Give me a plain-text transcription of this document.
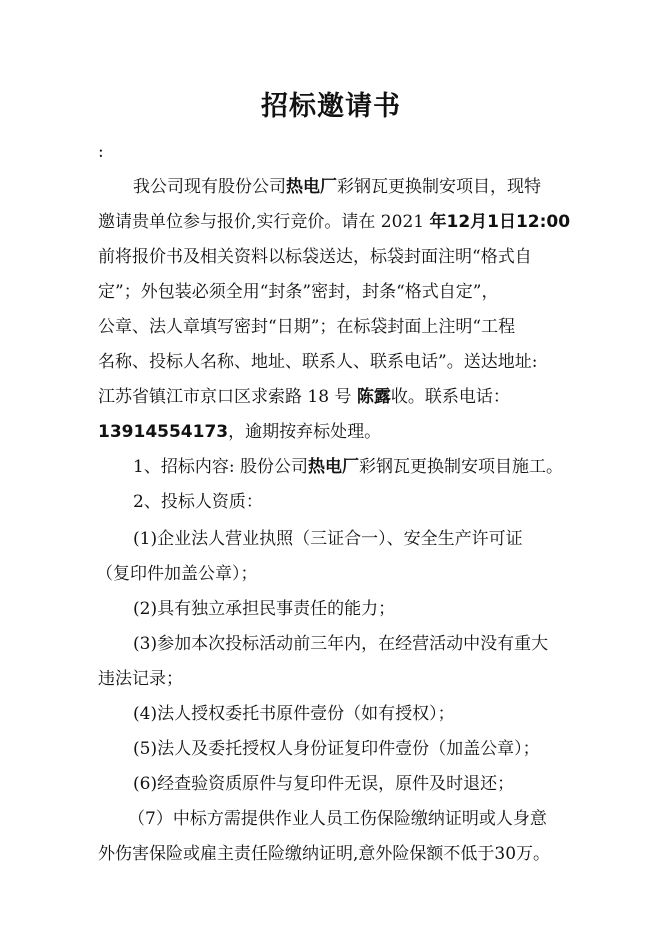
招标邀请书
:
我公司现有股份公司热电厂彩钢瓦更换制安项目，现特
邀请贵单位参与报价,实行竞价。请在 2021 年12月1日12:00
前将报价书及相关资料以标袋送达，标袋封面注明“格式自
定”；外包装必须全用“封条”密封，封条“格式自定”，
公章、法人章填写密封“日期”；在标袋封面上注明“工程
名称、投标人名称、地址、联系人、联系电话”。送达地址:
江苏省镇江市京口区求索路 18 号 陈露收。联系电话：
13914554173，逾期按弃标处理。
1、招标内容: 股份公司热电厂彩钢瓦更换制安项目施工。
2、投标人资质：
(1)企业法人营业执照（三证合一）、安全生产许可证
（复印件加盖公章）；
(2)具有独立承担民事责任的能力；
(3)参加本次投标活动前三年内，在经营活动中没有重大
违法记录；
(4)法人授权委托书原件壹份（如有授权）；
(5)法人及委托授权人身份证复印件壹份（加盖公章）；
(6)经查验资质原件与复印件无误，原件及时退还；
（7）中标方需提供作业人员工伤保险缴纳证明或人身意
外伤害保险或雇主责任险缴纳证明,意外险保额不低于30万。
